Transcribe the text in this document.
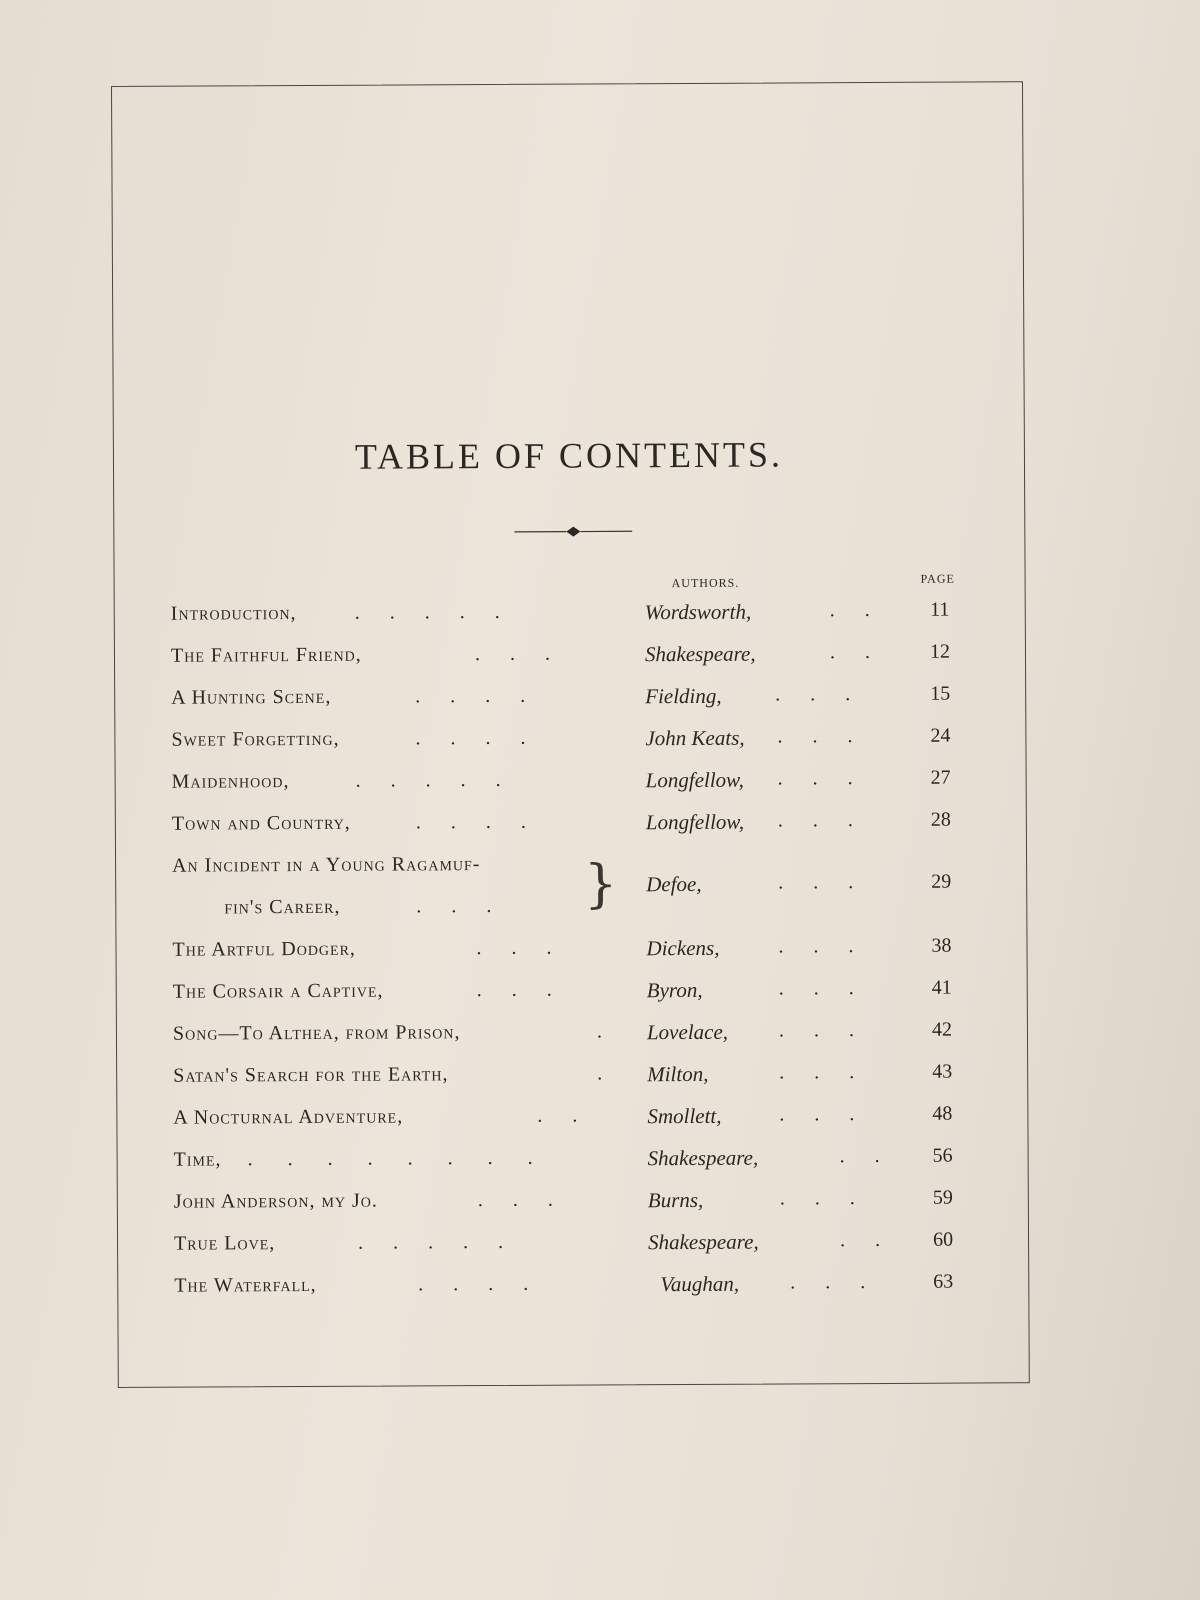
TABLE OF CONTENTS.
AUTHORS.	PAGE
Introduction,	.      .      .      .      .	Wordsworth,	.      .	11
The Faithful Friend,	.      .      .	Shakespeare,	.      .	12
A Hunting Scene,	.      .      .      .	Fielding,	.      .      .	15
Sweet Forgetting,	.      .      .      .	John Keats, .      .      .	24
Maidenhood,	.      .      .      .      .	Longfellow, .      .      .	27
Town and Country,	.      .      .      .	Longfellow, .      .      .	28
An Incident in a Young Ragamuf-
fin's Career,	.      .      . } Defoe,	.      .      .	29
The Artful Dodger,	.      .      .	Dickens,	.      .      .	38
The Corsair a Captive,	.      .      .	Byron,	.      .      .	41
Song—To Althea, from Prison,	. Lovelace,	.      .      .	42
Satan's Search for the Earth,	. Milton,	.      .      .	43
A Nocturnal Adventure,	.      .	Smollett,	.      .      .	48
Time, .       .       .       .       .       .       .       .	Shakespeare,	.      .	56
John Anderson, my Jo.	.      .      .	Burns,	.      .      .	59
True Love,	.      .      .      .      .	Shakespeare,	.      .	60
The Waterfall,	.      .      .      .	Vaughan,	.      .      .	63
